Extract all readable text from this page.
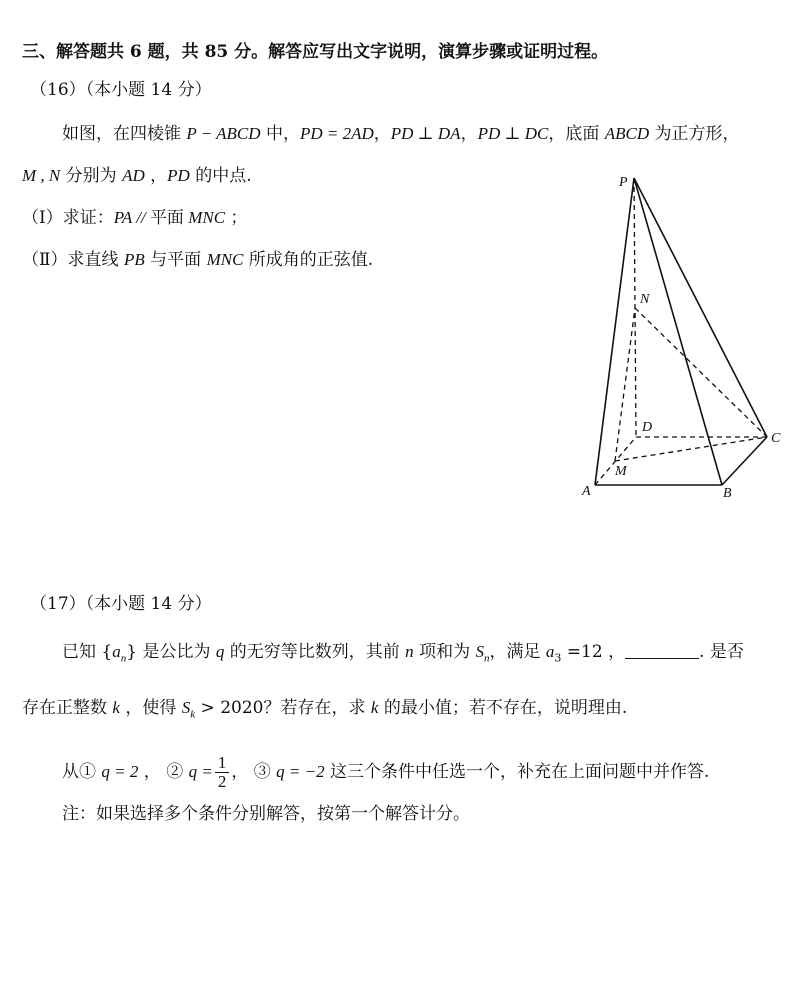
三、解答题共 6 题，共 85 分。解答应写出文字说明，演算步骤或证明过程。
（16）（本小题 14 分）
如图，在四棱锥 P − ABCD 中，PD = 2AD，PD ⊥ DA，PD ⊥ DC，底面 ABCD 为正方形，
M , N 分别为 AD ，PD 的中点.
（Ⅰ）求证：PA // 平面 MNC ；
（Ⅱ）求直线 PB 与平面 MNC 所成角的正弦值.
P
N
D
C
M
A	B
（17）（本小题 14 分）
已知 $\{a_n\}$ 是公比为 q 的无穷等比数列，其前 n 项和为 $S_n$，满足 $a_3 =12$ ，	. 是否
存在正整数 k ，使得 $S_k > 2020$？若存在，求 k 的最小值；若不存在，说明理由.
从① q = 2 ， ② $q = \frac{1}{2}$ ， ③ q = −2 这三个条件中任选一个，补充在上面问题中并作答.
注：如果选择多个条件分别解答，按第一个解答计分。
